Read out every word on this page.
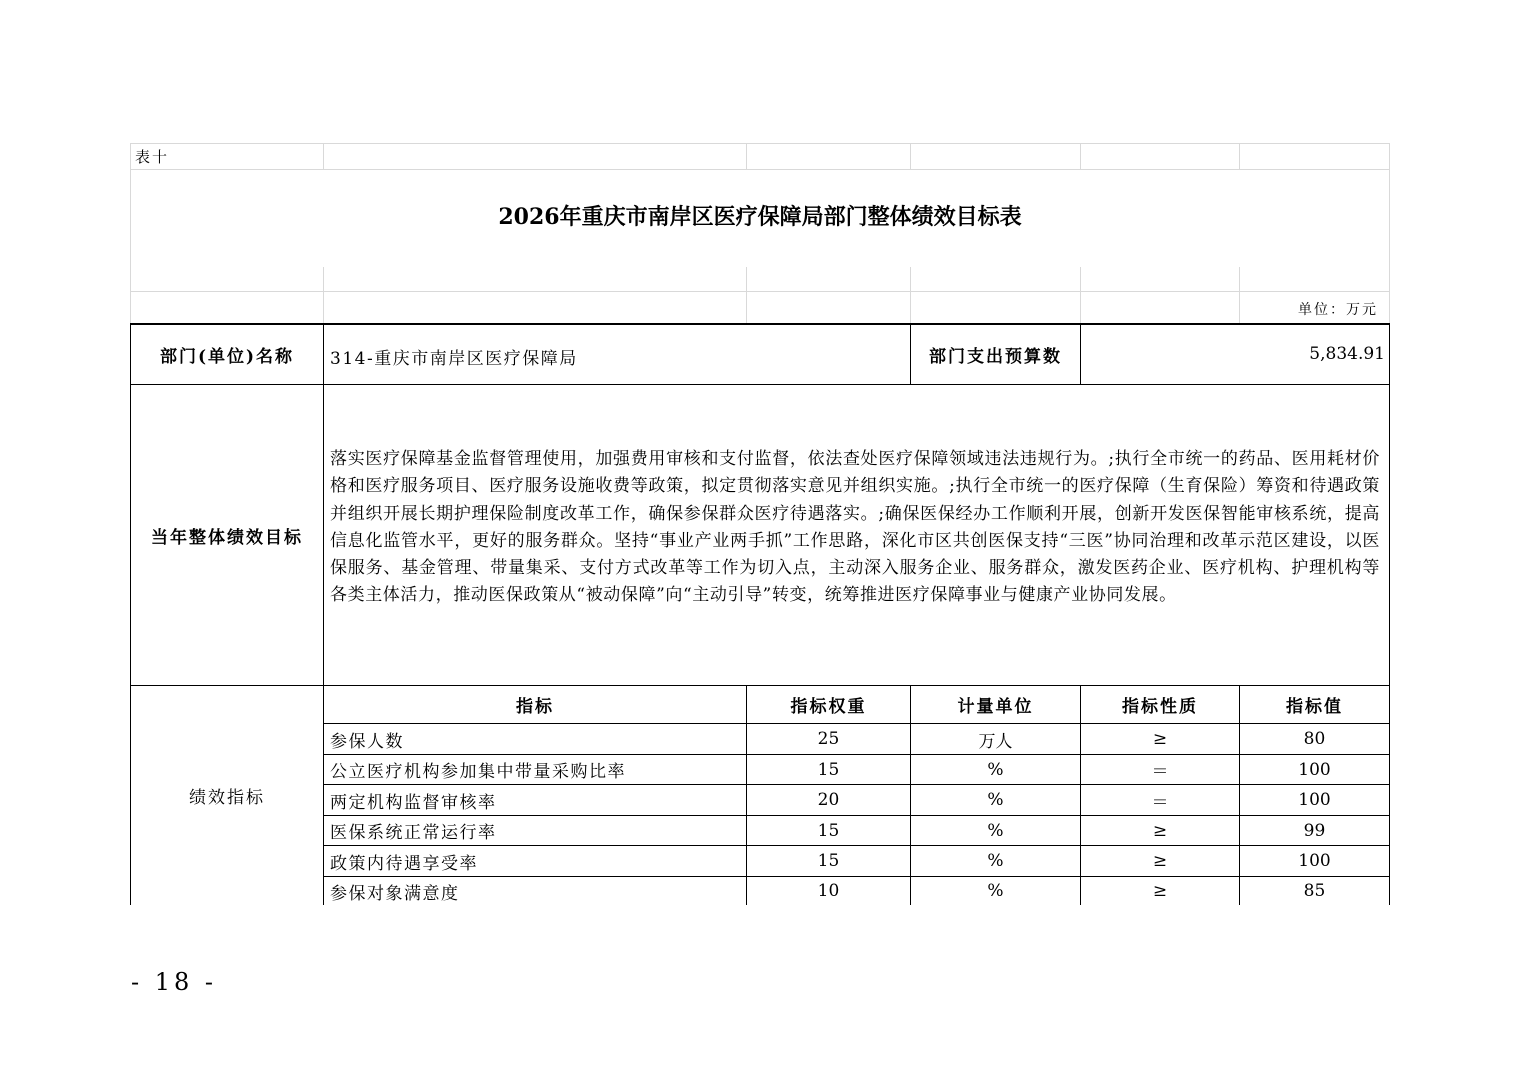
表十
2026年重庆市南岸区医疗保障局部门整体绩效目标表
单位：万元
部门(单位)名称	314-重庆市南岸区医疗保障局	部门支出预算数	5,834.91
当年整体绩效目标
落实医疗保障基金监督管理使用，加强费用审核和支付监督，依法查处医疗保障领域违法违规行为。;执行全市统一的药品、医用耗材价格和医疗服务项目、医疗服务设施收费等政策，拟定贯彻落实意见并组织实施。;执行全市统一的医疗保障（生育保险）筹资和待遇政策并组织开展长期护理保险制度改革工作，确保参保群众医疗待遇落实。;确保医保经办工作顺利开展，创新开发医保智能审核系统，提高信息化监管水平，更好的服务群众。坚持“事业产业两手抓”工作思路，深化市区共创医保支持“三医”协同治理和改革示范区建设，以医保服务、基金管理、带量集采、支付方式改革等工作为切入点，主动深入服务企业、服务群众，激发医药企业、医疗机构、护理机构等各类主体活力，推动医保政策从“被动保障”向“主动引导”转变，统筹推进医疗保障事业与健康产业协同发展。
绩效指标
指标	指标权重	计量单位	指标性质	指标值
参保人数	25	万人	≥	80
公立医疗机构参加集中带量采购比率	15	%	＝	100
两定机构监督审核率	20	%	＝	100
医保系统正常运行率	15	%	≥	99
政策内待遇享受率	15	%	≥	100
参保对象满意度	10	%	≥	85
- 18 -
